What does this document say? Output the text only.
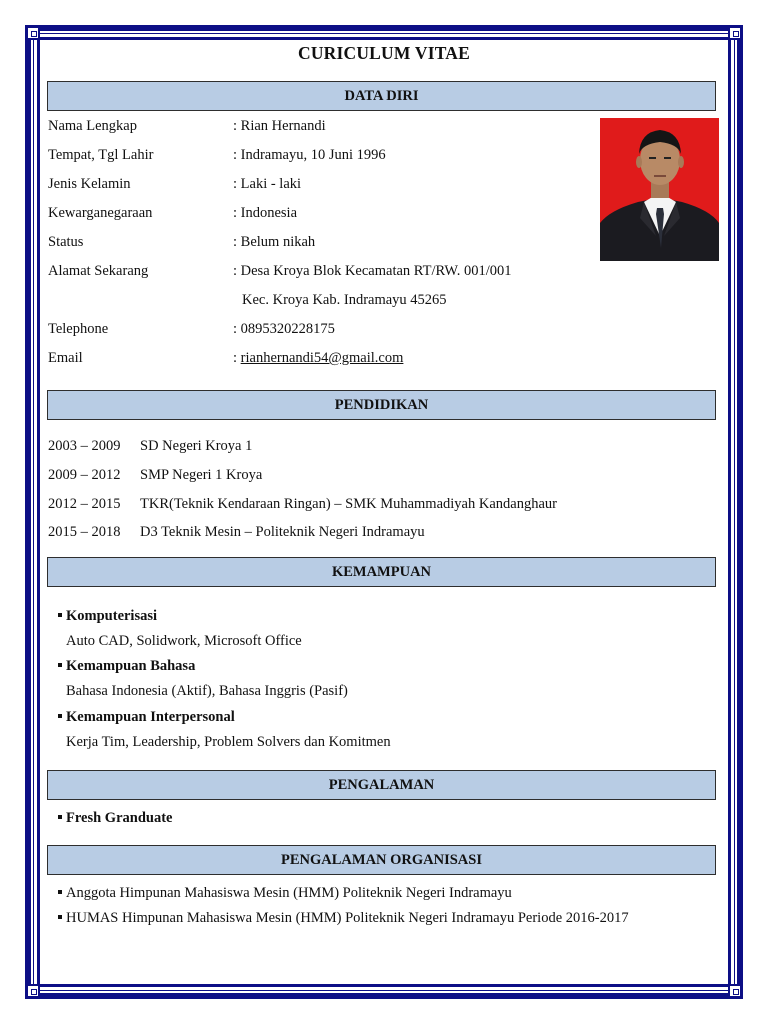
CURICULUM VITAE
DATA DIRI
Nama Lengkap	: Rian Hernandi
Tempat, Tgl Lahir	: Indramayu, 10 Juni 1996
Jenis Kelamin	: Laki - laki
Kewarganegaraan	: Indonesia
Status	: Belum nikah
Alamat Sekarang	: Desa Kroya Blok Kecamatan RT/RW. 001/001
Kec. Kroya Kab. Indramayu 45265
Telephone	: 0895320228175
Email	: rianhernandi54@gmail.com
PENDIDIKAN
2003 – 2009 SD Negeri Kroya 1
2009 – 2012 SMP Negeri 1 Kroya
2012 – 2015 TKR(Teknik Kendaraan Ringan) – SMK Muhammadiyah Kandanghaur
2015 – 2018 D3 Teknik Mesin – Politeknik Negeri Indramayu
KEMAMPUAN
Komputerisasi
Auto CAD, Solidwork, Microsoft Office
Kemampuan Bahasa
Bahasa Indonesia (Aktif), Bahasa Inggris (Pasif)
Kemampuan Interpersonal
Kerja Tim, Leadership, Problem Solvers dan Komitmen
PENGALAMAN
Fresh Granduate
PENGALAMAN ORGANISASI
Anggota Himpunan Mahasiswa Mesin (HMM) Politeknik Negeri Indramayu
HUMAS Himpunan Mahasiswa Mesin (HMM) Politeknik Negeri Indramayu Periode 2016-2017
